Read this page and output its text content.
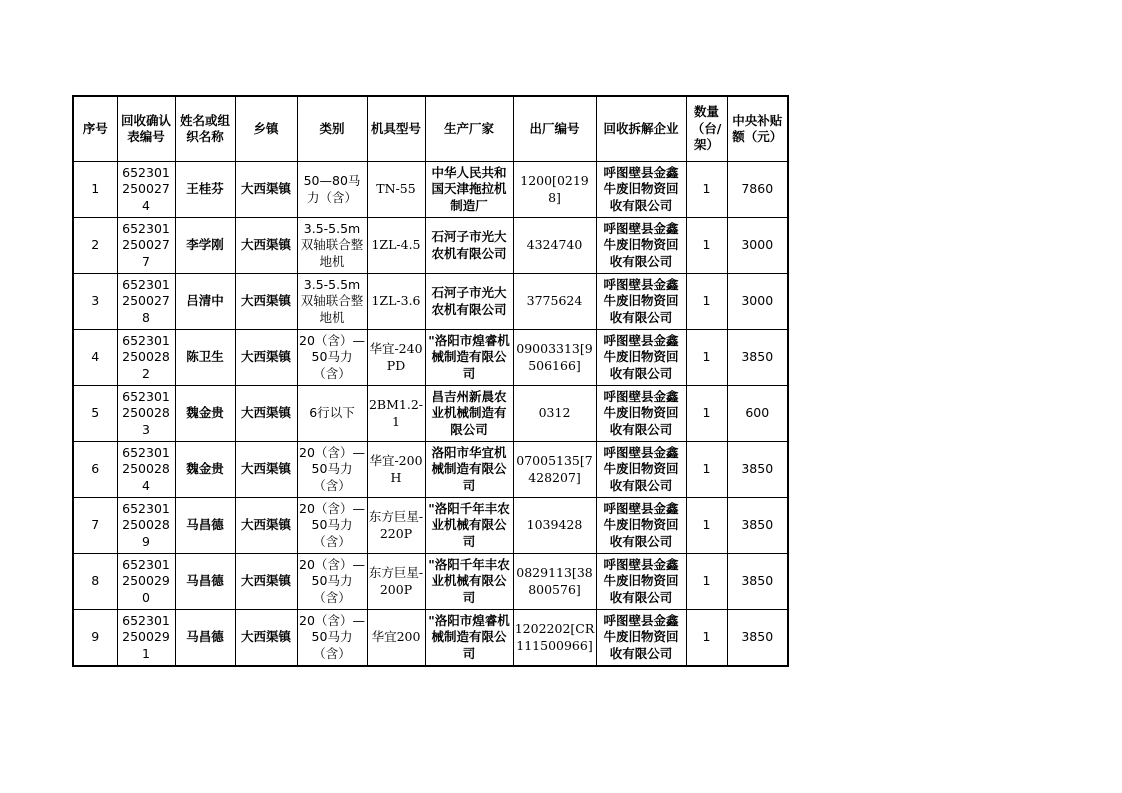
序号	回收确认表编号	姓名或组织名称	乡镇	类别	机具型号	生产厂家	出厂编号	回收拆解企业	数量（台/架）	中央补贴额（元）
1	6523012500274	王桂芬	大西渠镇	50—80马力（含）	TN-55	中华人民共和国天津拖拉机制造厂	1200[02198]	呼图壁县金鑫牛废旧物资回收有限公司	1	7860
2	6523012500277	李学刚	大西渠镇	3.5-5.5m双轴联合整地机	1ZL-4.5	石河子市光大农机有限公司	4324740	呼图壁县金鑫牛废旧物资回收有限公司	1	3000
3	6523012500278	吕清中	大西渠镇	3.5-5.5m双轴联合整地机	1ZL-3.6	石河子市光大农机有限公司	3775624	呼图壁县金鑫牛废旧物资回收有限公司	1	3000
4	6523012500282	陈卫生	大西渠镇	20（含）—50马力（含）	华宜-240PD	"洛阳市煌睿机械制造有限公司	09003313[9506166]	呼图壁县金鑫牛废旧物资回收有限公司	1	3850
5	6523012500283	魏金贵	大西渠镇	6行以下	2BM1.2-1	昌吉州新晨农业机械制造有限公司	0312	呼图壁县金鑫牛废旧物资回收有限公司	1	600
6	6523012500284	魏金贵	大西渠镇	20（含）—50马力（含）	华宜-200H	洛阳市华宜机械制造有限公司	07005135[7428207]	呼图壁县金鑫牛废旧物资回收有限公司	1	3850
7	6523012500289	马昌德	大西渠镇	20（含）—50马力（含）	东方巨星-220P	"洛阳千年丰农业机械有限公司	1039428	呼图壁县金鑫牛废旧物资回收有限公司	1	3850
8	6523012500290	马昌德	大西渠镇	20（含）—50马力（含）	东方巨星-200P	"洛阳千年丰农业机械有限公司	0829113[38800576]	呼图壁县金鑫牛废旧物资回收有限公司	1	3850
9	6523012500291	马昌德	大西渠镇	20（含）—50马力（含）	华宜200	"洛阳市煌睿机械制造有限公司	1202202[CR111500966]	呼图壁县金鑫牛废旧物资回收有限公司	1	3850
